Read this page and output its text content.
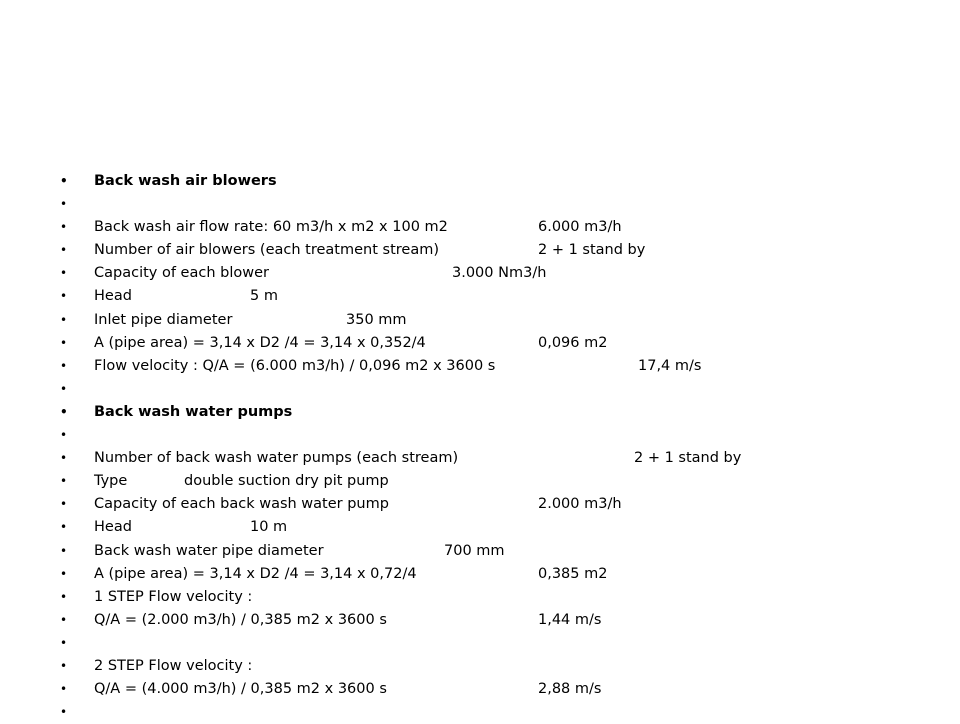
• Back wash air blowers
•
• Back wash air flow rate: 60 m3/h x m2 x 100 m2	6.000 m3/h
• Number of air blowers (each treatment stream)	2 + 1 stand by
• Capacity of each blower	3.000 Nm3/h
• Head	5 m
• Inlet pipe diameter	350 mm
• A (pipe area) = 3,14 x D2 /4 = 3,14 x 0,352/4	0,096 m2
• Flow velocity : Q/A = (6.000 m3/h) / 0,096 m2 x 3600 s	17,4 m/s
•
• Back wash water pumps
•
• Number of back wash water pumps (each stream)	2 + 1 stand by
• Type	double suction dry pit pump
• Capacity of each back wash water pump	2.000 m3/h
• Head	10 m
• Back wash water pipe diameter	700 mm
• A (pipe area) = 3,14 x D2 /4 = 3,14 x 0,72/4	0,385 m2
• 1 STEP Flow velocity :
• Q/A = (2.000 m3/h) / 0,385 m2 x 3600 s	1,44 m/s
•
• 2 STEP Flow velocity :
• Q/A = (4.000 m3/h) / 0,385 m2 x 3600 s	2,88 m/s
•
